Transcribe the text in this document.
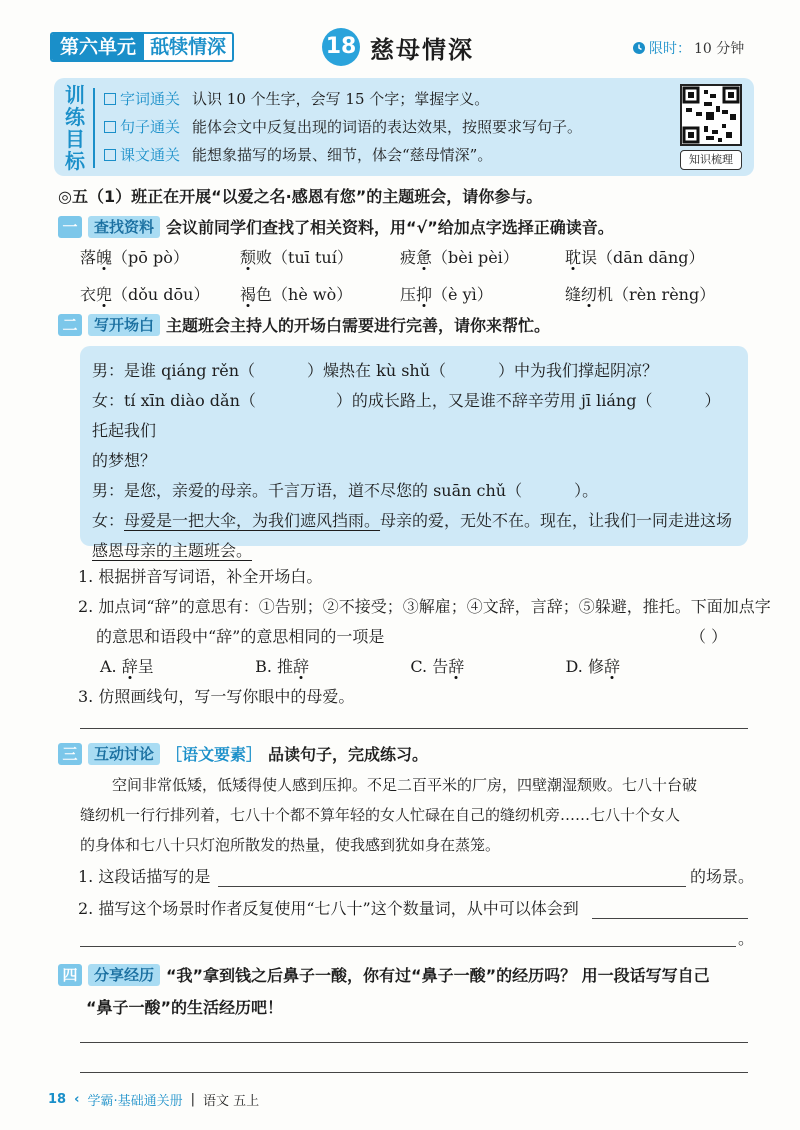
第六单元 舐犊情深	18 慈母情深	限时： 10 分钟
训
练
目
标
字词通关 认识 10 个生字，会写 15 个字；掌握字义。
句子通关 能体会文中反复出现的词语的表达效果，按照要求写句子。
课文通关 能想象描写的场景、细节，体会“慈母情深”。	知识梳理
◎五（1）班正在开展“以爱之名·感恩有您”的主题班会，请你参与。
一	查找资料 会议前同学们查找了相关资料，用“√”给加点字选择正确读音。
落魄（pō pò）	颓败（tuī tuí）	疲惫（bèi pèi）	耽误（dān dāng）
衣兜（dǒu dōu）	褐色（hè wò）	压抑（è yì）	缝纫机（rèn rèng）
二	写开场白 主题班会主持人的开场白需要进行完善，请你来帮忙。
男：是谁 qiáng rěn（	）燥热在 kù shǔ（	）中为我们撑起阴凉？
女：tí xīn diào dǎn（	）的成长路上，又是谁不辞辛劳用 jī liáng（	）托起我们
的梦想？
男：是您，亲爱的母亲。千言万语，道不尽您的 suān chǔ（	）。
女：母爱是一把大伞，为我们遮风挡雨。母亲的爱，无处不在。现在，让我们一同走进这场
感恩母亲的主题班会。
1. 根据拼音写词语，补全开场白。
2. 加点词“辞”的意思有：①告别；②不接受；③解雇；④文辞，言辞；⑤躲避，推托。下面加点字
的意思和语段中“辞”的意思相同的一项是	（ ）
A. 辞呈	B. 推辞	C. 告辞	D. 修辞
3. 仿照画线句，写一写你眼中的母爱。
三	互动讨论 ［语文要素］ 品读句子，完成练习。
空间非常低矮，低矮得使人感到压抑。不足二百平米的厂房，四壁潮湿颓败。七八十台破
缝纫机一行行排列着，七八十个都不算年轻的女人忙碌在自己的缝纫机旁……七八十个女人
的身体和七八十只灯泡所散发的热量，使我感到犹如身在蒸笼。
1. 这段话描写的是	的场景。
2. 描写这个场景时作者反复使用“七八十”这个数量词，从中可以体会到
。
四	分享经历 “我”拿到钱之后鼻子一酸，你有过“鼻子一酸”的经历吗？ 用一段话写写自己
“鼻子一酸”的生活经历吧！
18 ‹ 学霸·基础通关册 | 语文 五上
